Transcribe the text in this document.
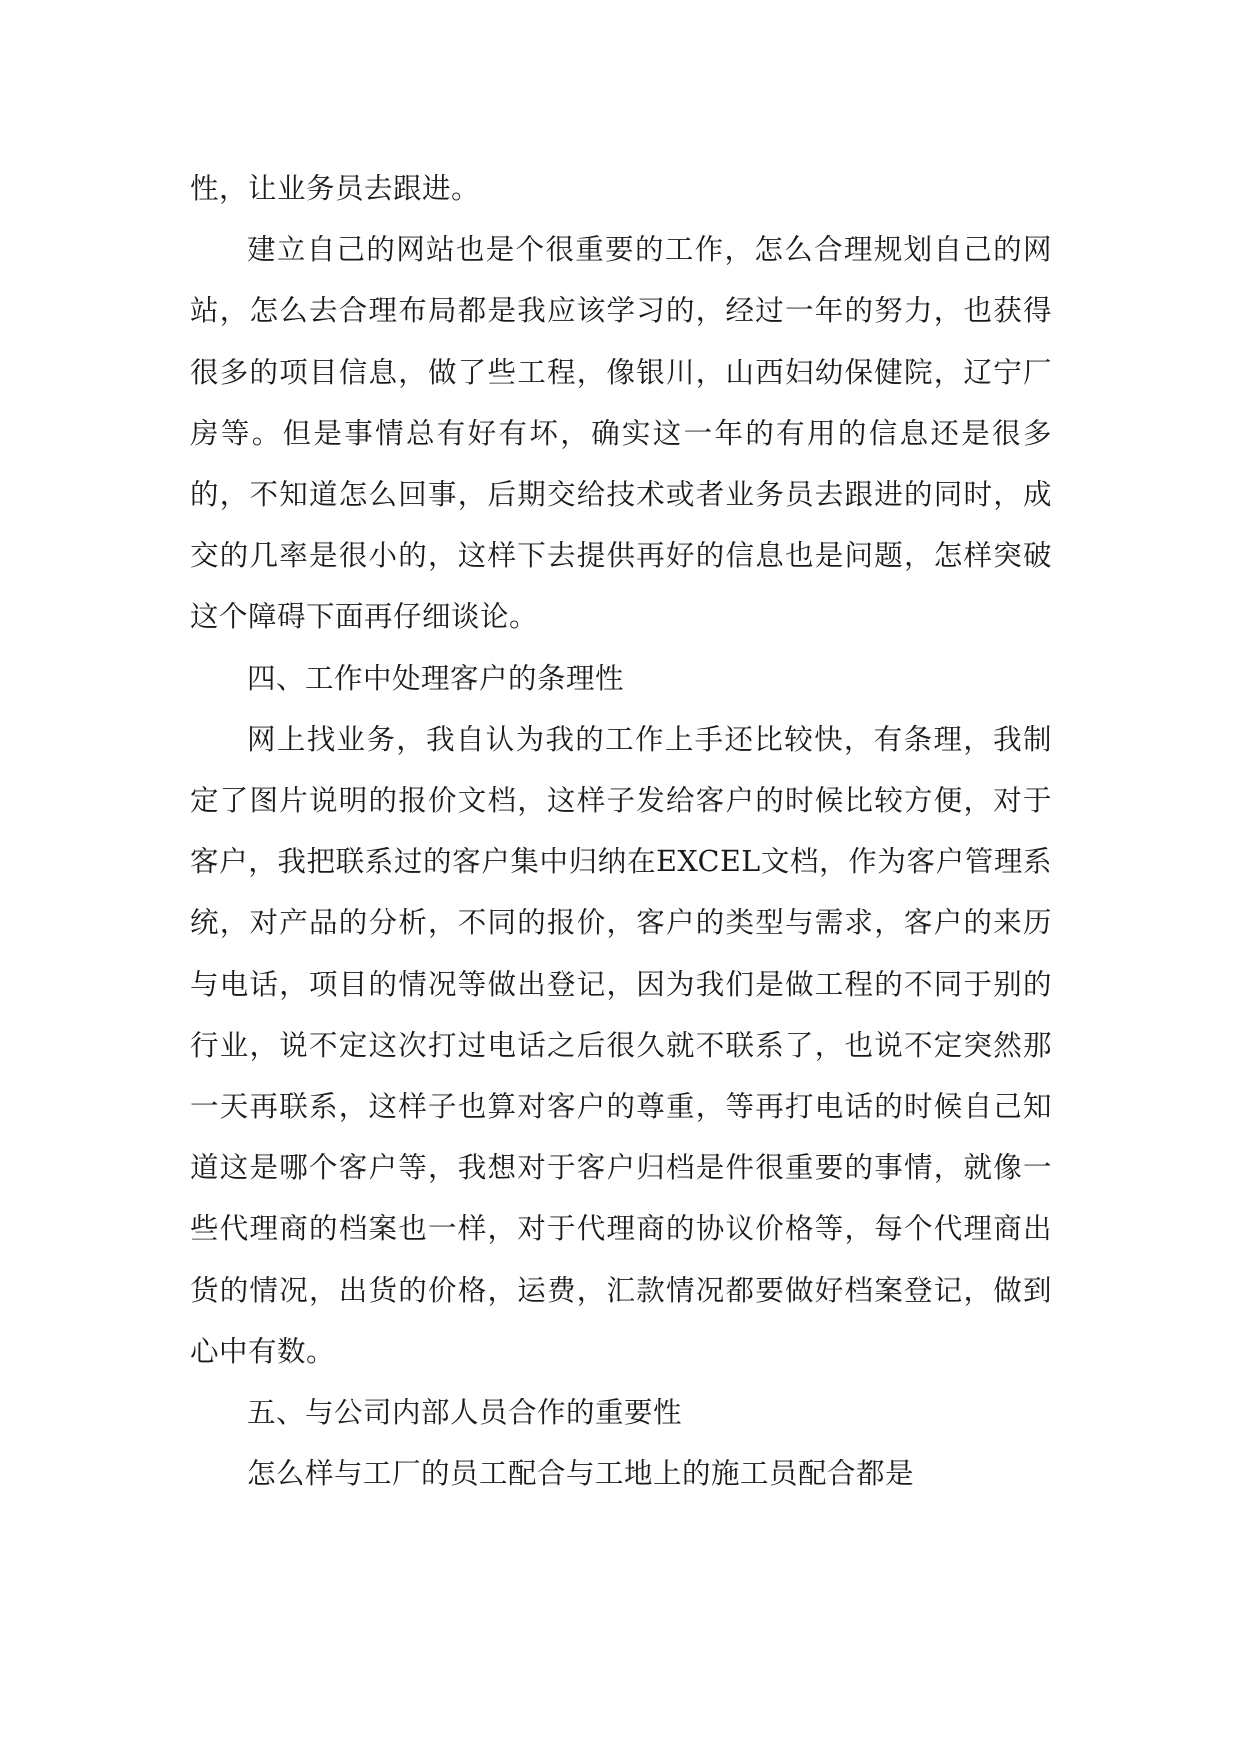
性，让业务员去跟进。

建立自己的网站也是个很重要的工作，怎么合理规划自己的网站，怎么去合理布局都是我应该学习的，经过一年的努力，也获得很多的项目信息，做了些工程，像银川，山西妇幼保健院，辽宁厂房等。但是事情总有好有坏，确实这一年的有用的信息还是很多的，不知道怎么回事，后期交给技术或者业务员去跟进的同时，成交的几率是很小的，这样下去提供再好的信息也是问题，怎样突破这个障碍下面再仔细谈论。

四、工作中处理客户的条理性

网上找业务，我自认为我的工作上手还比较快，有条理，我制定了图片说明的报价文档，这样子发给客户的时候比较方便，对于客户，我把联系过的客户集中归纳在EXCEL文档，作为客户管理系统，对产品的分析，不同的报价，客户的类型与需求，客户的来历与电话，项目的情况等做出登记，因为我们是做工程的不同于别的行业，说不定这次打过电话之后很久就不联系了，也说不定突然那一天再联系，这样子也算对客户的尊重，等再打电话的时候自己知道这是哪个客户等，我想对于客户归档是件很重要的事情，就像一些代理商的档案也一样，对于代理商的协议价格等，每个代理商出货的情况，出货的价格，运费，汇款情况都要做好档案登记，做到心中有数。

五、与公司内部人员合作的重要性

怎么样与工厂的员工配合与工地上的施工员配合都是
